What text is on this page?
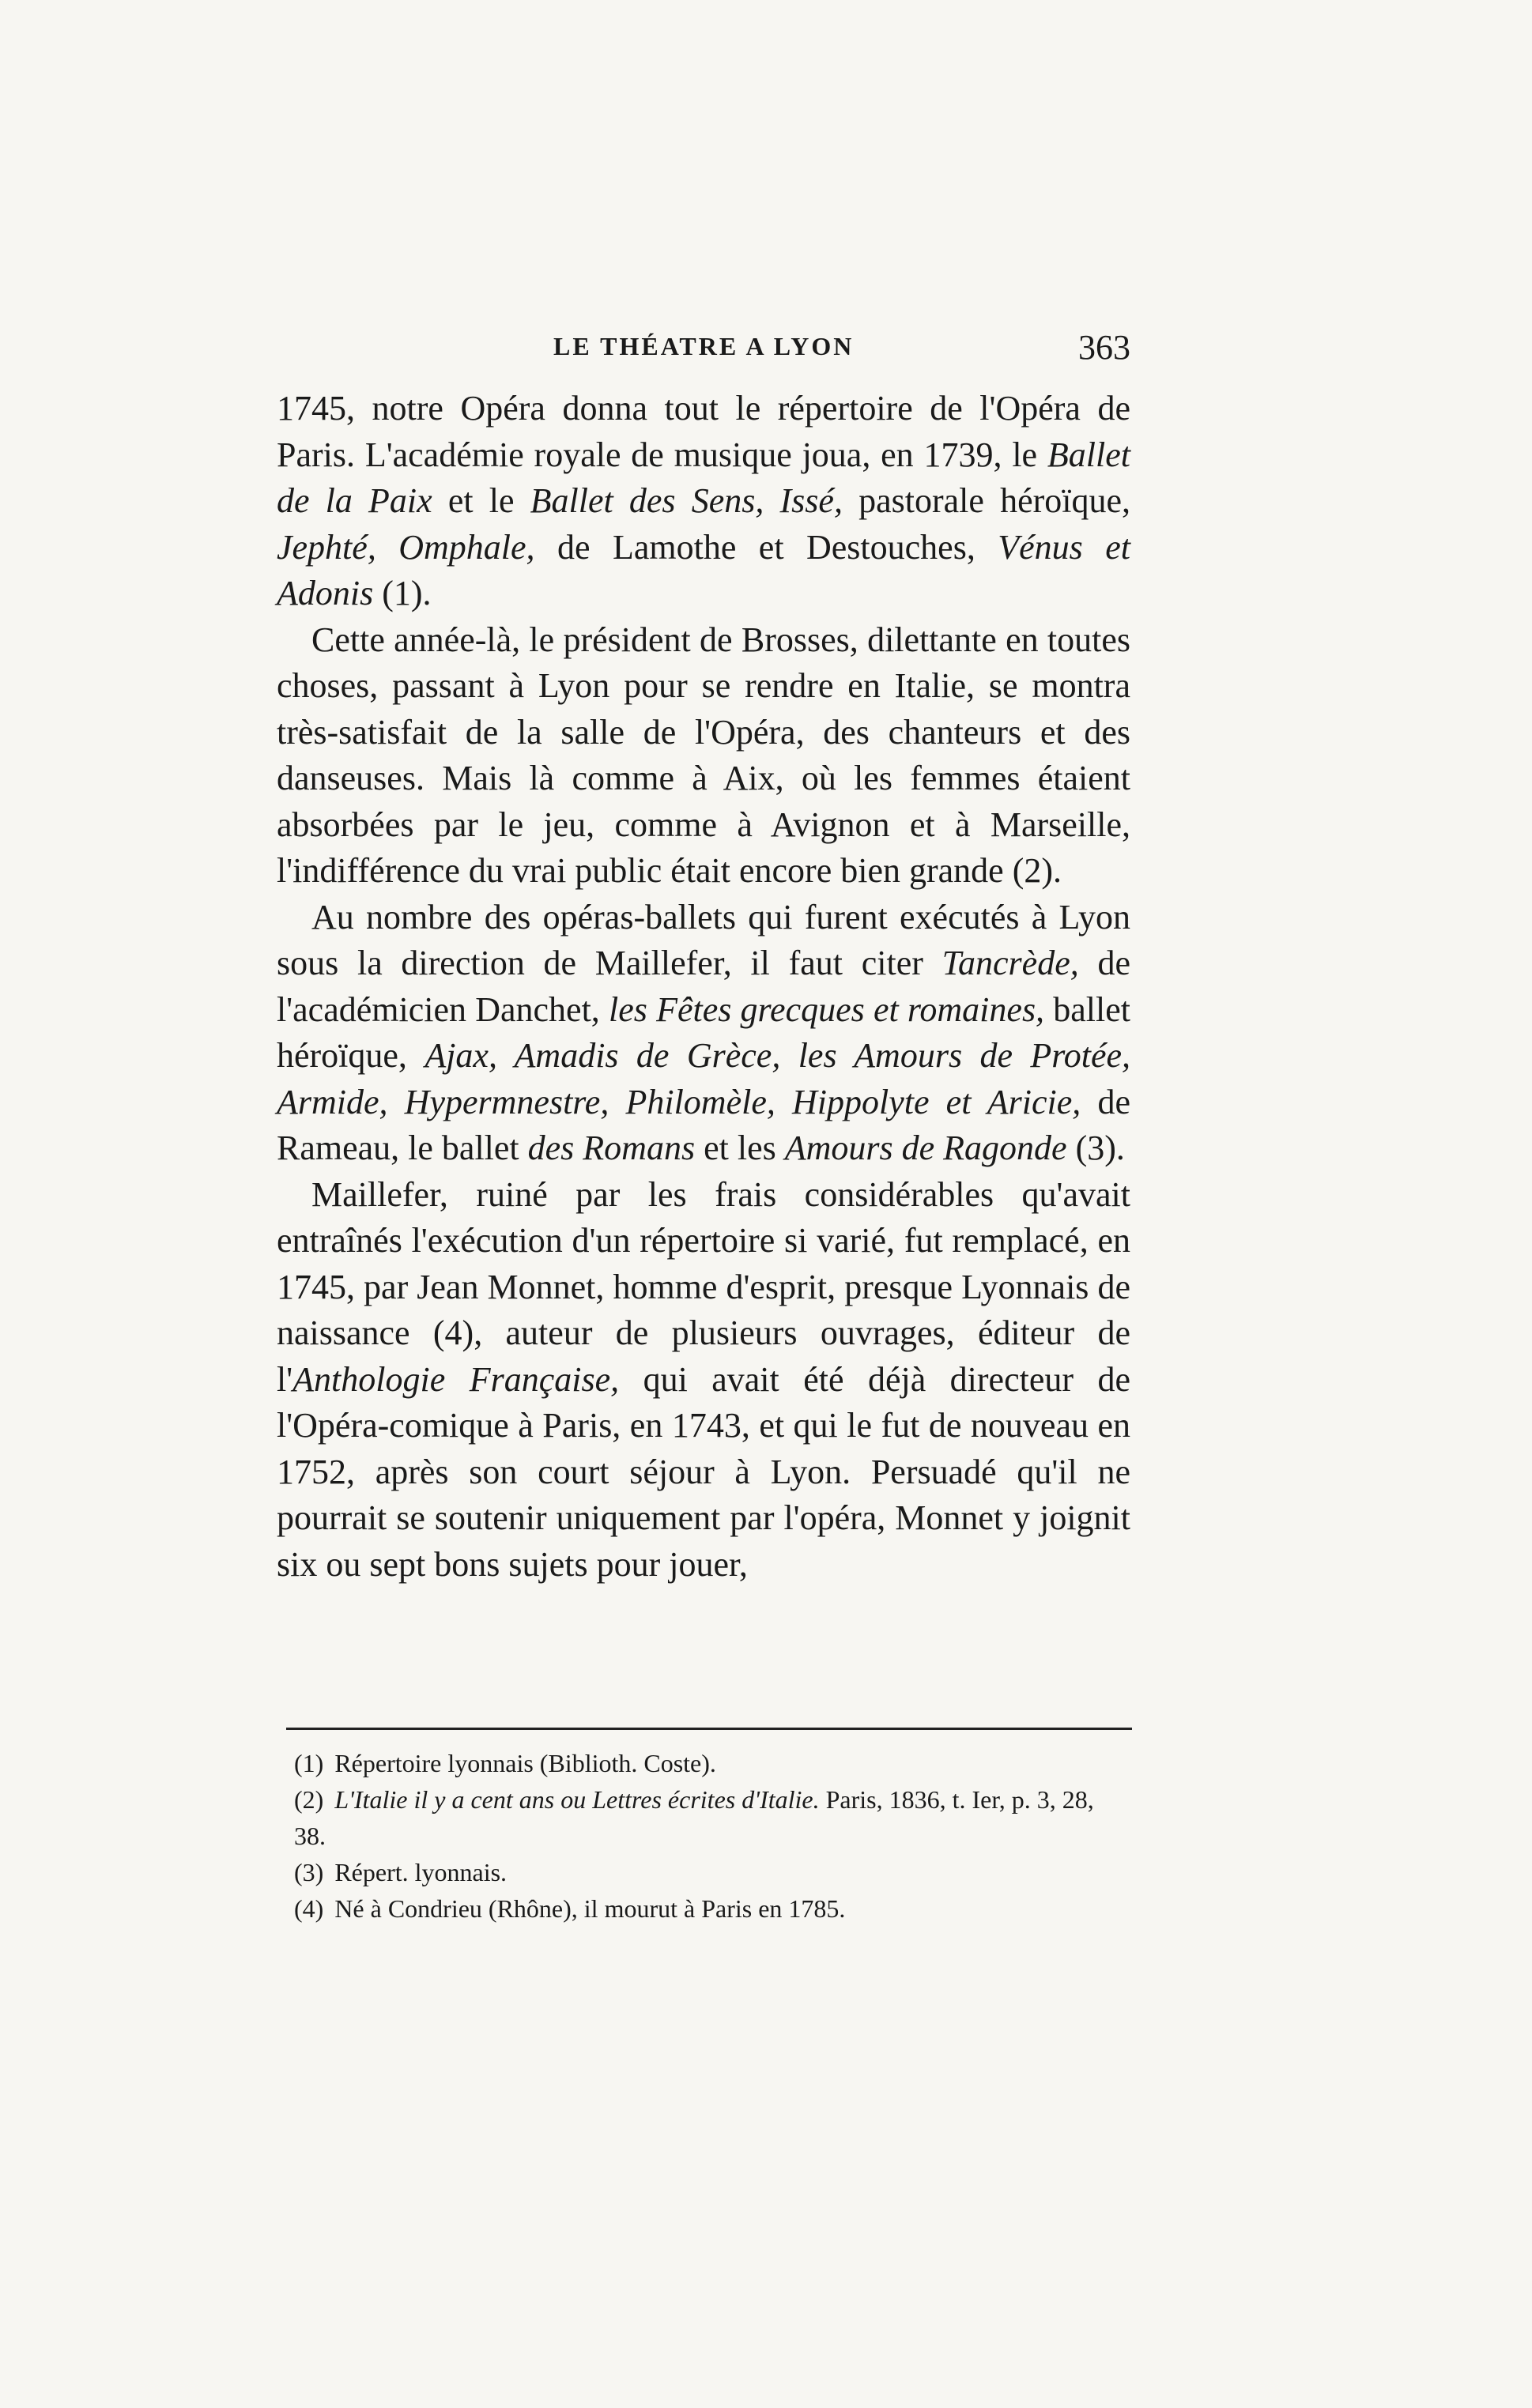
LE THÉATRE A LYON	363

1745, notre Opéra donna tout le répertoire de l'Opéra de Paris. L'académie royale de musique joua, en 1739, le Ballet de la Paix et le Ballet des Sens, Issé, pastorale héroïque, Jephté, Omphale, de Lamothe et Destouches, Vénus et Adonis (1).

Cette année-là, le président de Brosses, dilettante en toutes choses, passant à Lyon pour se rendre en Italie, se montra très-satisfait de la salle de l'Opéra, des chanteurs et des danseuses. Mais là comme à Aix, où les femmes étaient absorbées par le jeu, comme à Avignon et à Marseille, l'indifférence du vrai public était encore bien grande (2).

Au nombre des opéras-ballets qui furent exécutés à Lyon sous la direction de Maillefer, il faut citer Tancrède, de l'académicien Danchet, les Fêtes grecques et romaines, ballet héroïque, Ajax, Amadis de Grèce, les Amours de Protée, Armide, Hypermnestre, Philomèle, Hippolyte et Aricie, de Rameau, le ballet des Romans et les Amours de Ragonde (3).

Maillefer, ruiné par les frais considérables qu'avait entraînés l'exécution d'un répertoire si varié, fut remplacé, en 1745, par Jean Monnet, homme d'esprit, presque Lyonnais de naissance (4), auteur de plusieurs ouvrages, éditeur de l'Anthologie Française, qui avait été déjà directeur de l'Opéra-comique à Paris, en 1743, et qui le fut de nouveau en 1752, après son court séjour à Lyon. Persuadé qu'il ne pourrait se soutenir uniquement par l'opéra, Monnet y joignit six ou sept bons sujets pour jouer,

(1) Répertoire lyonnais (Biblioth. Coste).

(2) L'Italie il y a cent ans ou Lettres écrites d'Italie. Paris, 1836, t. Ier, p. 3, 28, 38.

(3) Répert. lyonnais.

(4) Né à Condrieu (Rhône), il mourut à Paris en 1785.
